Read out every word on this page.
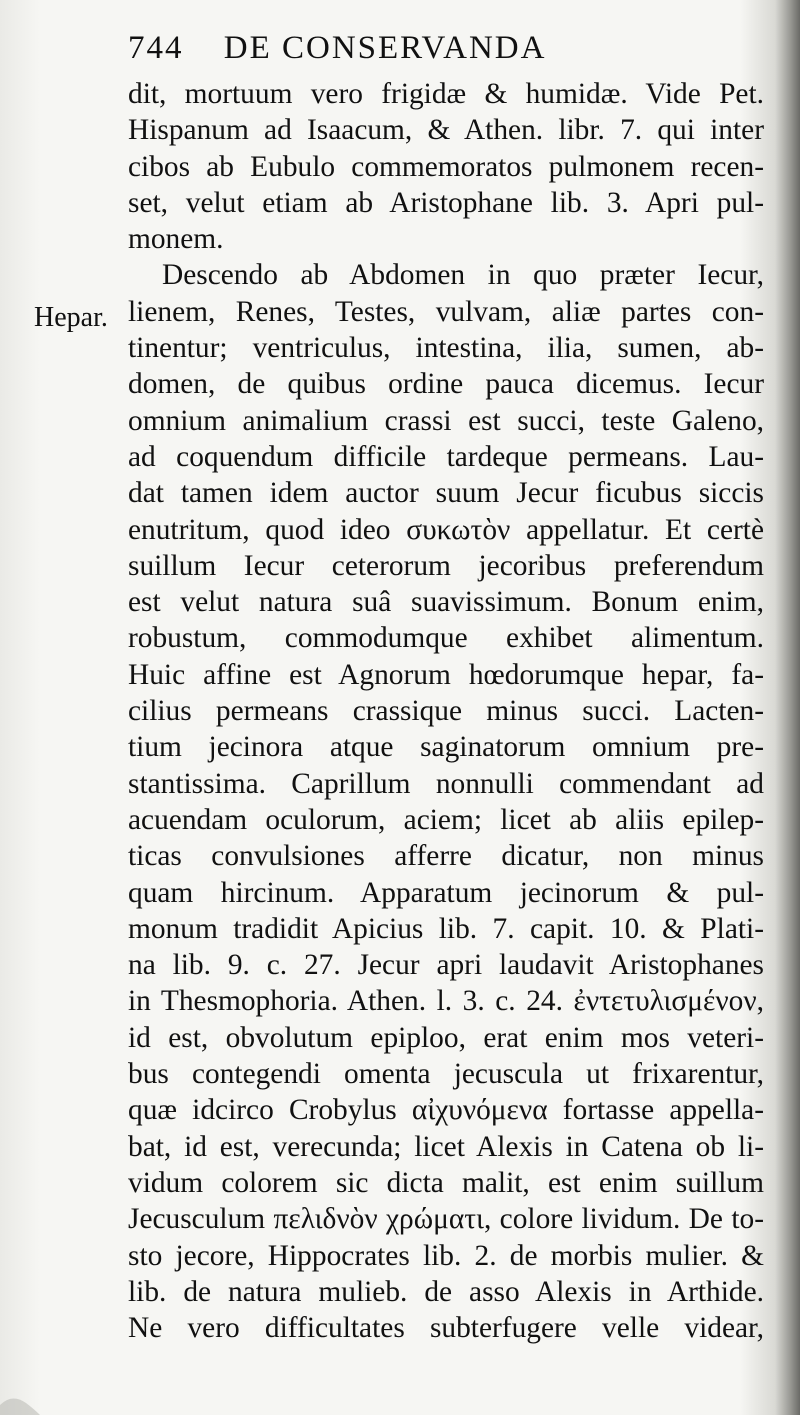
744 DE CONSERVANDA
Hepar.
dit, mortuum vero frigidæ & humidæ. Vide Pet.
Hispanum ad Isaacum, & Athen. libr. 7. qui inter
cibos ab Eubulo commemoratos pulmonem recen-
set, velut etiam ab Aristophane lib. 3. Apri pul-
monem.
Descendo ab Abdomen in quo præter Iecur,
lienem, Renes, Testes, vulvam, aliæ partes con-
tinentur; ventriculus, intestina, ilia, sumen, ab-
domen, de quibus ordine pauca dicemus. Iecur
omnium animalium crassi est succi, teste Galeno,
ad coquendum difficile tardeque permeans. Lau-
dat tamen idem auctor suum Jecur ficubus siccis
enutritum, quod ideo συκωτὸν appellatur. Et certè
suillum Iecur ceterorum jecoribus preferendum
est velut natura suâ suavissimum. Bonum enim,
robustum, commodumque exhibet alimentum.
Huic affine est Agnorum hœdorumque hepar, fa-
cilius permeans crassique minus succi. Lacten-
tium jecinora atque saginatorum omnium pre-
stantissima. Caprillum nonnulli commendant ad
acuendam oculorum, aciem; licet ab aliis epilep-
ticas convulsiones afferre dicatur, non minus
quam hircinum. Apparatum jecinorum & pul-
monum tradidit Apicius lib. 7. capit. 10. & Plati-
na lib. 9. c. 27. Jecur apri laudavit Aristophanes
in Thesmophoria. Athen. l. 3. c. 24. ἐντετυλισμένον,
id est, obvolutum epiploo, erat enim mos veteri-
bus contegendi omenta jecuscula ut frixarentur,
quæ idcirco Crobylus αἰχυνόμενα fortasse appella-
bat, id est, verecunda; licet Alexis in Catena ob li-
vidum colorem sic dicta malit, est enim suillum
Jecusculum πελιδνὸν χρώματι, colore lividum. De to-
sto jecore, Hippocrates lib. 2. de morbis mulier. &
lib. de natura mulieb. de asso Alexis in Arthide.
Ne vero difficultates subterfugere velle videar,
